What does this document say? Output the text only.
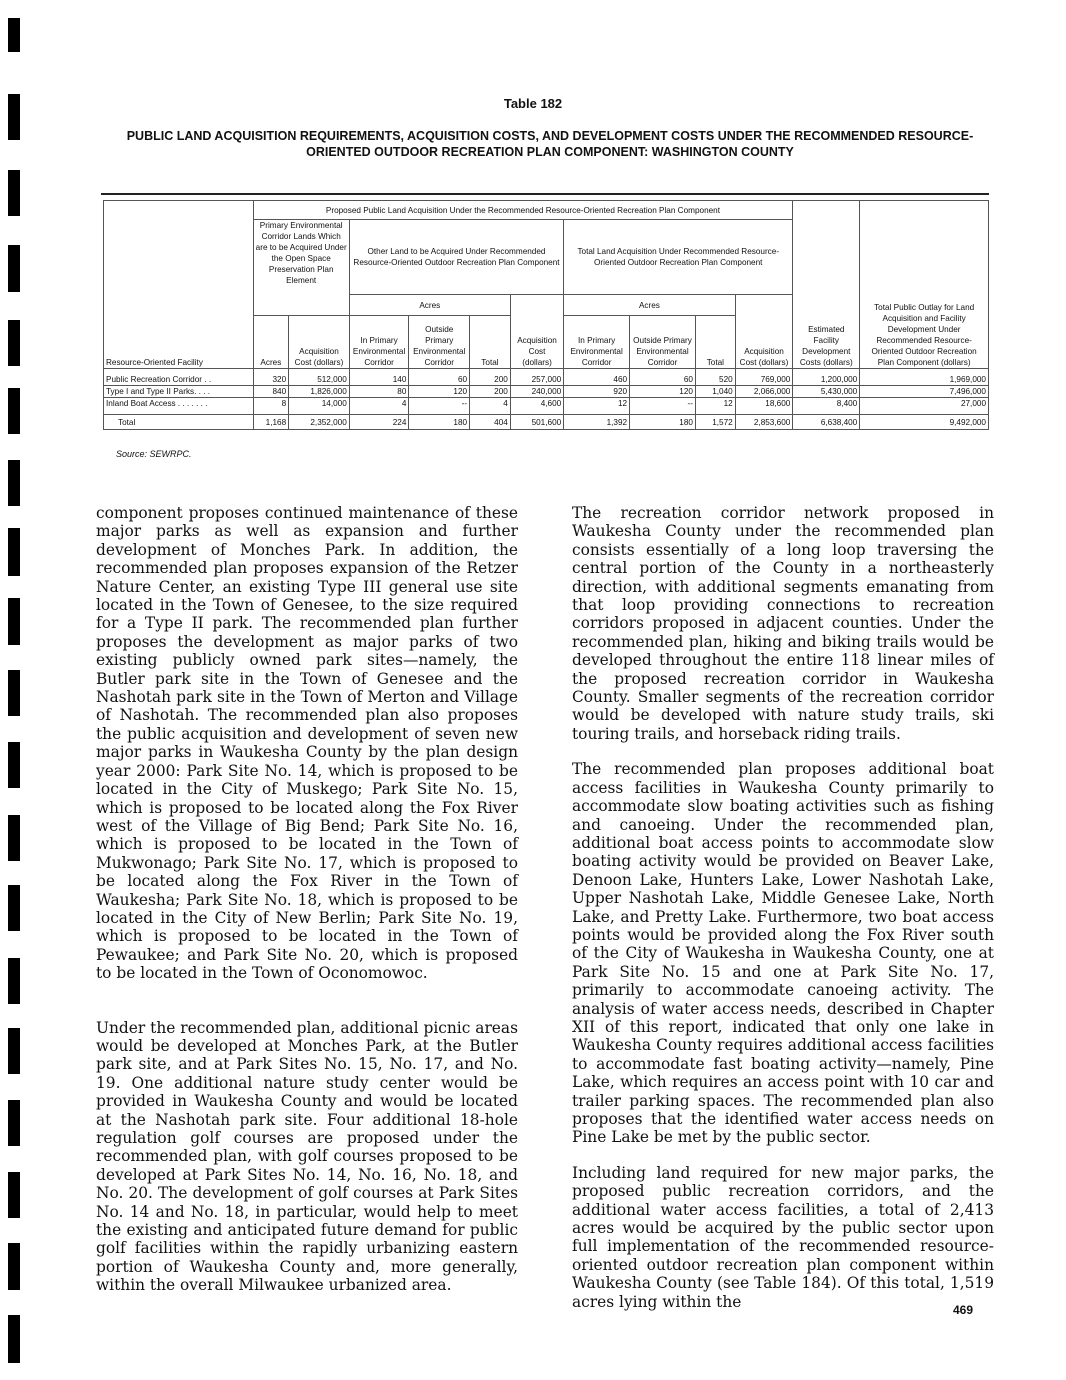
Table 182
PUBLIC LAND ACQUISITION REQUIREMENTS, ACQUISITION COSTS, AND DEVELOPMENT COSTS UNDER THE RECOMMENDED RESOURCE-ORIENTED OUTDOOR RECREATION PLAN COMPONENT: WASHINGTON COUNTY
Resource-Oriented Facility	Proposed Public Land Acquisition Under the Recommended Resource-Oriented Recreation Plan Component										Estimated Facility Development Costs (dollars)	Total Public Outlay for Land Acquisition and Facility Development Under Recommended Resource-Oriented Outdoor Recreation Plan Component (dollars)
	Primary Environmental Corridor Lands Which are to be Acquired Under the Open Space Preservation Plan Element		Other Land to be Acquired Under Recommended Resource-Oriented Outdoor Recreation Plan Component				Total Land Acquisition Under Recommended Resource-Oriented Outdoor Recreation Plan Component					
			Acres			Acquisition Cost (dollars)	Acres			Acquisition Cost (dollars)		
	Acres	Acquisition Cost (dollars)	In Primary Environmental Corridor	Outside Primary Environmental Corridor	Total		In Primary Environmental Corridor	Outside Primary Environmental Corridor	Total			
Public Recreation Corridor . .	320	512,000	140	60	200	257,000	460	60	520	769,000	1,200,000	1,969,000
Type I and Type II Parks. . . .	840	1,826,000	80	120	200	240,000	920	120	1,040	2,066,000	5,430,000	7,496,000
Inland Boat Access . . . . . . .	8	14,000	4	--	4	4,600	12	--	12	18,600	8,400	27,000
Total	1,168	2,352,000	224	180	404	501,600	1,392	180	1,572	2,853,600	6,638,400	9,492,000
Source: SEWRPC.

component proposes continued maintenance of these major parks as well as expansion and further development of Monches Park. In addition, the recommended plan proposes expansion of the Retzer Nature Center, an existing Type III general use site located in the Town of Genesee, to the size required for a Type II park. The recommended plan further proposes the development as major parks of two existing publicly owned park sites—namely, the Butler park site in the Town of Genesee and the Nashotah park site in the Town of Merton and Village of Nashotah. The recommended plan also proposes the public acquisition and development of seven new major parks in Waukesha County by the plan design year 2000: Park Site No. 14, which is proposed to be located in the City of Muskego; Park Site No. 15, which is proposed to be located along the Fox River west of the Village of Big Bend; Park Site No. 16, which is proposed to be located in the Town of Mukwonago; Park Site No. 17, which is proposed to be located along the Fox River in the Town of Waukesha; Park Site No. 18, which is proposed to be located in the City of New Berlin; Park Site No. 19, which is proposed to be located in the Town of Pewaukee; and Park Site No. 20, which is proposed to be located in the Town of Oconomowoc.

Under the recommended plan, additional picnic areas would be developed at Monches Park, at the Butler park site, and at Park Sites No. 15, No. 17, and No. 19. One additional nature study center would be provided in Waukesha County and would be located at the Nashotah park site. Four additional 18-hole regulation golf courses are proposed under the recommended plan, with golf courses proposed to be developed at Park Sites No. 14, No. 16, No. 18, and No. 20. The development of golf courses at Park Sites No. 14 and No. 18, in particular, would help to meet the existing and anticipated future demand for public golf facilities within the rapidly urbanizing eastern portion of Waukesha County and, more generally, within the overall Milwaukee urbanized area.

The recreation corridor network proposed in Waukesha County under the recommended plan consists essentially of a long loop traversing the central portion of the County in a northeasterly direction, with additional segments emanating from that loop providing connections to recreation corridors proposed in adjacent counties. Under the recommended plan, hiking and biking trails would be developed throughout the entire 118 linear miles of the proposed recreation corridor in Waukesha County. Smaller segments of the recreation corridor would be developed with nature study trails, ski touring trails, and horseback riding trails.

The recommended plan proposes additional boat access facilities in Waukesha County primarily to accommodate slow boating activities such as fishing and canoeing. Under the recommended plan, additional boat access points to accommodate slow boating activity would be provided on Beaver Lake, Denoon Lake, Hunters Lake, Lower Nashotah Lake, Upper Nashotah Lake, Middle Genesee Lake, North Lake, and Pretty Lake. Furthermore, two boat access points would be provided along the Fox River south of the City of Waukesha in Waukesha County, one at Park Site No. 15 and one at Park Site No. 17, primarily to accommodate canoeing activity. The analysis of water access needs, described in Chapter XII of this report, indicated that only one lake in Waukesha County requires additional access facilities to accommodate fast boating activity—namely, Pine Lake, which requires an access point with 10 car and trailer parking spaces. The recommended plan also proposes that the identified water access needs on Pine Lake be met by the public sector.

Including land required for new major parks, the proposed public recreation corridors, and the additional water access facilities, a total of 2,413 acres would be acquired by the public sector upon full implementation of the recommended resource-oriented outdoor recreation plan component within Waukesha County (see Table 184). Of this total, 1,519 acres lying within the	469
